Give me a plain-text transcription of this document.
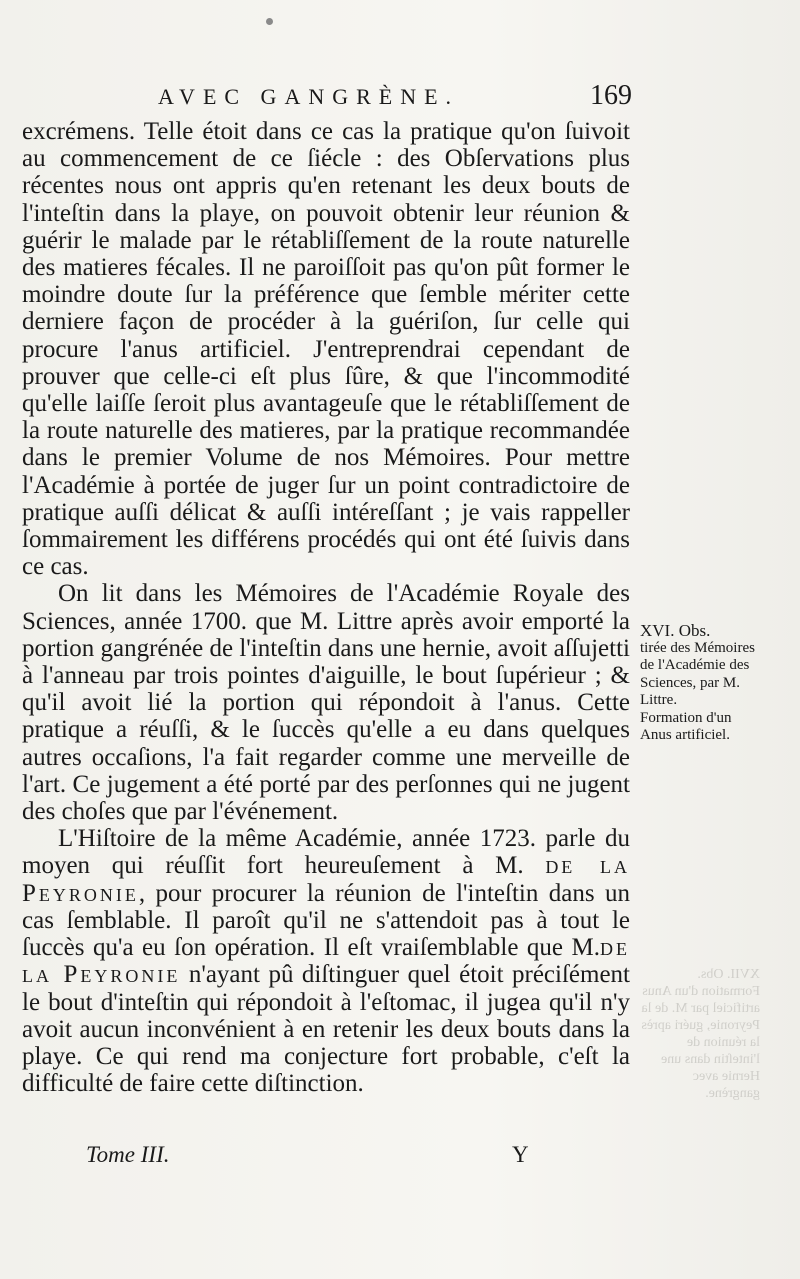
AVEC GANGRÈNE.	169

excrémens. Telle étoit dans ce cas la pratique qu'on ſuivoit au commencement de ce ſiécle : des Obſervations plus récentes nous ont appris qu'en retenant les deux bouts de l'inteſtin dans la playe, on pouvoit obtenir leur réunion & guérir le malade par le rétabliſſement de la route naturelle des matieres fécales. Il ne paroiſſoit pas qu'on pût former le moindre doute ſur la préférence que ſemble mériter cette derniere façon de procéder à la guériſon, ſur celle qui procure l'anus artificiel. J'entreprendrai cependant de prouver que celle-ci eſt plus ſûre, & que l'incommodité qu'elle laiſſe ſeroit plus avantageuſe que le rétabliſſement de la route naturelle des matieres, par la pratique recommandée dans le premier Volume de nos Mémoires. Pour mettre l'Académie à portée de juger ſur un point contradictoire de pratique auſſi délicat & auſſi intéreſſant ; je vais rappeller ſommairement les différens procédés qui ont été ſuivis dans ce cas.

On lit dans les Mémoires de l'Académie Royale des Sciences, année 1700. que M. Littre après avoir emporté la portion gangrénée de l'inteſtin dans une hernie, avoit aſſujetti à l'anneau par trois pointes d'aiguille, le bout ſupérieur ; & qu'il avoit lié la portion qui répondoit à l'anus. Cette pratique a réuſſi, & le ſuccès qu'elle a eu dans quelques autres occaſions, l'a fait regarder comme une merveille de l'art. Ce jugement a été porté par des perſonnes qui ne jugent des choſes que par l'événement.

L'Hiſtoire de la même Académie, année 1723. parle du moyen qui réuſſit fort heureuſement à M. de la Peyronie, pour procurer la réunion de l'inteſtin dans un cas ſemblable. Il paroît qu'il ne s'attendoit pas à tout le ſuccès qu'a eu ſon opération. Il eſt vraiſemblable que M.de la Peyronie n'ayant pû diſtinguer quel étoit préciſément le bout d'inteſtin qui répondoit à l'eſtomac, il jugea qu'il n'y avoit aucun inconvénient à en retenir les deux bouts dans la playe. Ce qui rend ma conjecture fort probable, c'eſt la difficulté de faire cette diſtinction.

XVI. Obs.
tirée des Mémoires de l'Académie des Sciences, par M. Littre.
Formation d'un Anus artificiel.
XVII. Obs. Formation d'un Anus artificiel par M. de la Peyronie, guéri après la réunion de l'inteſtin dans une Hernie avec gangrène.
Tome III.	Y
